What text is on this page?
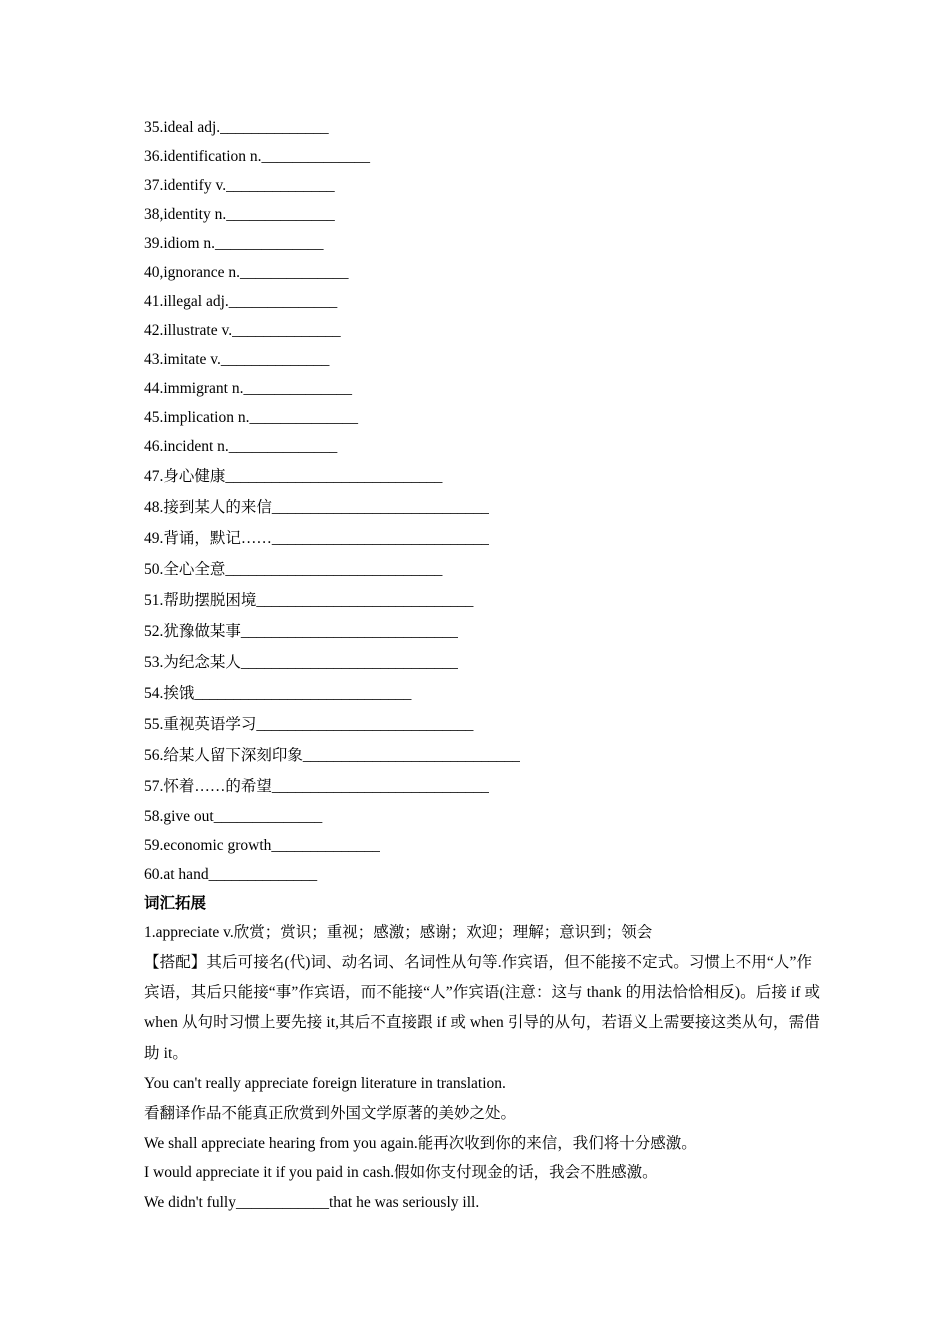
35.ideal adj.______________
36.identification n.______________
37.identify v.______________
38,identity n.______________
39.idiom n.______________
40,ignorance n.______________
41.illegal adj.______________
42.illustrate v.______________
43.imitate v.______________
44.immigrant n.______________
45.implication n.______________
46.incident n.______________
47.身心健康____________________________
48.接到某人的来信____________________________
49.背诵，默记……____________________________
50.全心全意____________________________
51.帮助摆脱困境____________________________
52.犹豫做某事____________________________
53.为纪念某人____________________________
54.挨饿____________________________
55.重视英语学习____________________________
56.给某人留下深刻印象____________________________
57.怀着……的希望____________________________
58.give out______________
59.economic growth______________
60.at hand______________
词汇拓展
1.appreciate v.欣赏；赏识；重视；感激；感谢；欢迎；理解；意识到；领会
【搭配】其后可接名(代)词、动名词、名词性从句等.作宾语，但不能接不定式。习惯上不用“人”作宾语，其后只能接“事”作宾语，而不能接“人”作宾语(注意：这与 thank 的用法恰恰相反)。后接 if 或 when 从句时习惯上要先接 it,其后不直接跟 if 或 when 引导的从句，若语义上需要接这类从句，需借助 it。
You can't really appreciate foreign literature in translation.
看翻译作品不能真正欣赏到外国文学原著的美妙之处。
We shall appreciate hearing from you again.能再次收到你的来信，我们将十分感激。
I would appreciate it if you paid in cash.假如你支付现金的话，我会不胜感激。
We didn't fully____________that he was seriously ill.
